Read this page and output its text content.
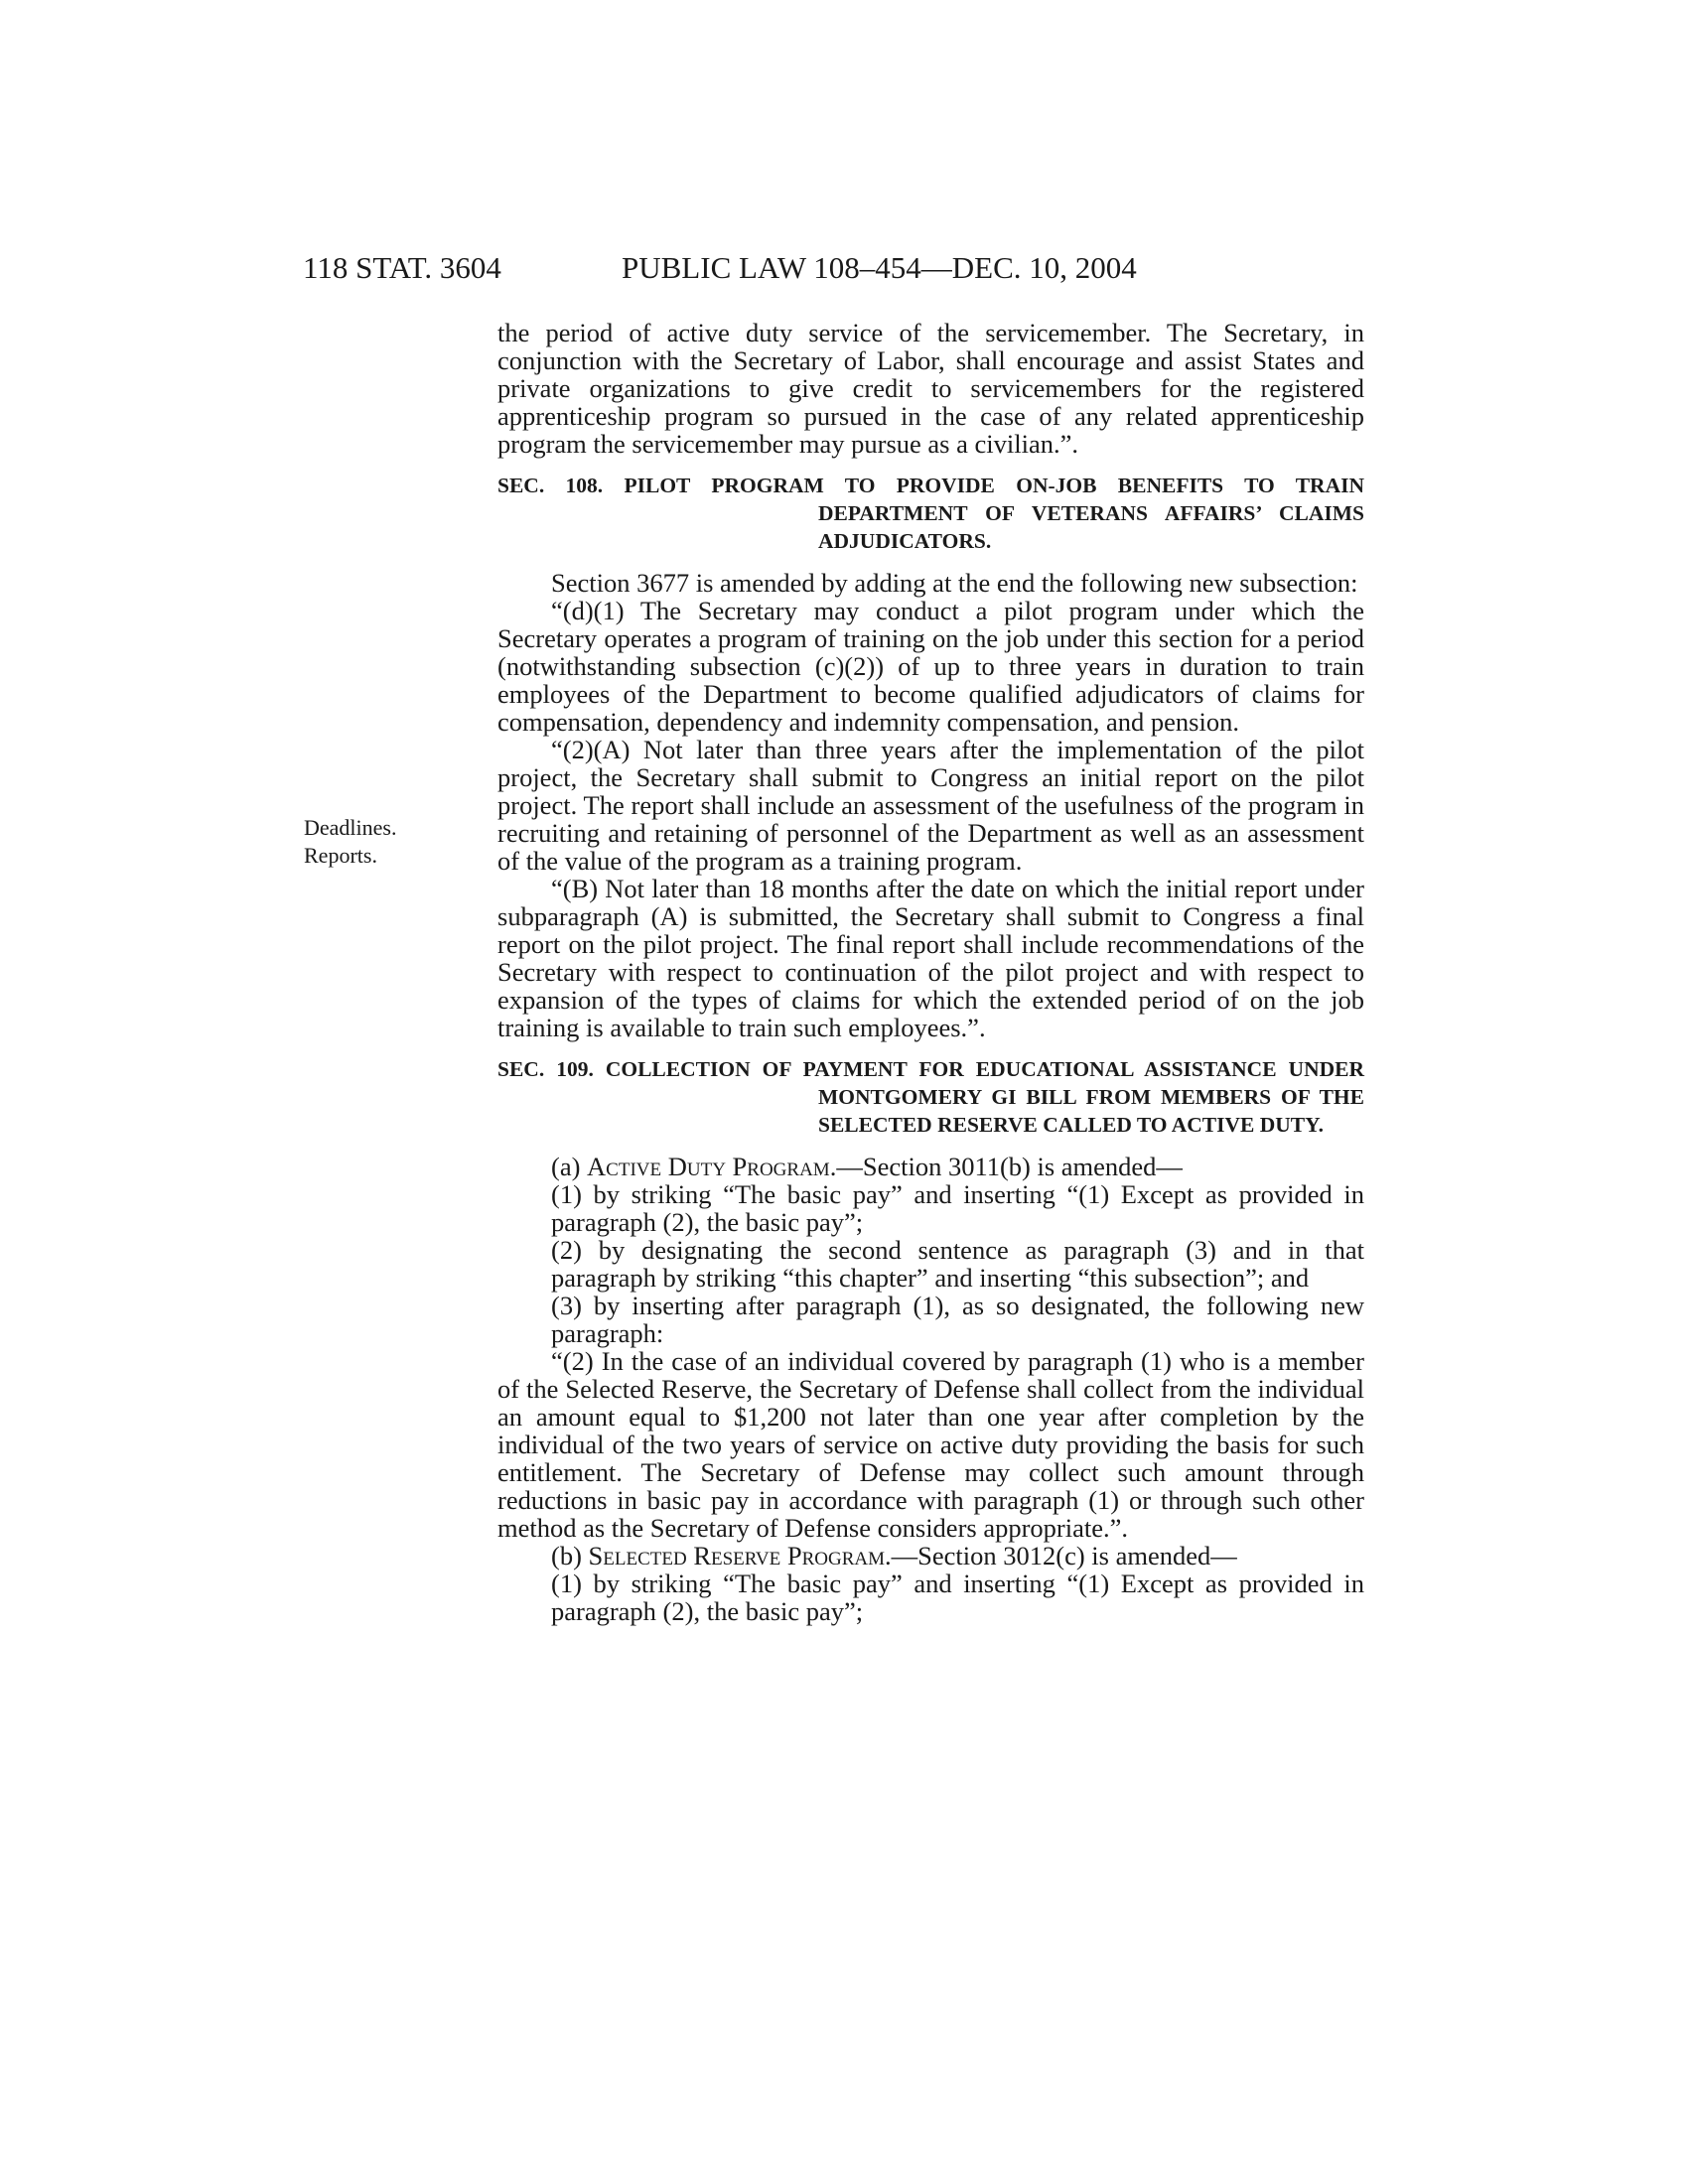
118 STAT. 3604	PUBLIC LAW 108–454—DEC. 10, 2004
Deadlines.
Reports.

the period of active duty service of the servicemember. The Secretary, in conjunction with the Secretary of Labor, shall encourage and assist States and private organizations to give credit to servicemembers for the registered apprenticeship program so pursued in the case of any related apprenticeship program the servicemember may pursue as a civilian.”.

SEC. 108. PILOT PROGRAM TO PROVIDE ON-JOB BENEFITS TO TRAIN DEPARTMENT OF VETERANS AFFAIRS’ CLAIMS ADJUDICATORS.

Section 3677 is amended by adding at the end the following new subsection:

“(d)(1) The Secretary may conduct a pilot program under which the Secretary operates a program of training on the job under this section for a period (notwithstanding subsection (c)(2)) of up to three years in duration to train employees of the Department to become qualified adjudicators of claims for compensation, dependency and indemnity compensation, and pension.

“(2)(A) Not later than three years after the implementation of the pilot project, the Secretary shall submit to Congress an initial report on the pilot project. The report shall include an assessment of the usefulness of the program in recruiting and retaining of personnel of the Department as well as an assessment of the value of the program as a training program.

“(B) Not later than 18 months after the date on which the initial report under subparagraph (A) is submitted, the Secretary shall submit to Congress a final report on the pilot project. The final report shall include recommendations of the Secretary with respect to continuation of the pilot project and with respect to expansion of the types of claims for which the extended period of on the job training is available to train such employees.”.

SEC. 109. COLLECTION OF PAYMENT FOR EDUCATIONAL ASSISTANCE UNDER MONTGOMERY GI BILL FROM MEMBERS OF THE SELECTED RESERVE CALLED TO ACTIVE DUTY.

(a) Active Duty Program.—Section 3011(b) is amended—

(1) by striking “The basic pay” and inserting “(1) Except as provided in paragraph (2), the basic pay”;

(2) by designating the second sentence as paragraph (3) and in that paragraph by striking “this chapter” and inserting “this subsection”; and

(3) by inserting after paragraph (1), as so designated, the following new paragraph:

“(2) In the case of an individual covered by paragraph (1) who is a member of the Selected Reserve, the Secretary of Defense shall collect from the individual an amount equal to $1,200 not later than one year after completion by the individual of the two years of service on active duty providing the basis for such entitlement. The Secretary of Defense may collect such amount through reductions in basic pay in accordance with paragraph (1) or through such other method as the Secretary of Defense considers appropriate.”.

(b) Selected Reserve Program.—Section 3012(c) is amended—

(1) by striking “The basic pay” and inserting “(1) Except as provided in paragraph (2), the basic pay”;
